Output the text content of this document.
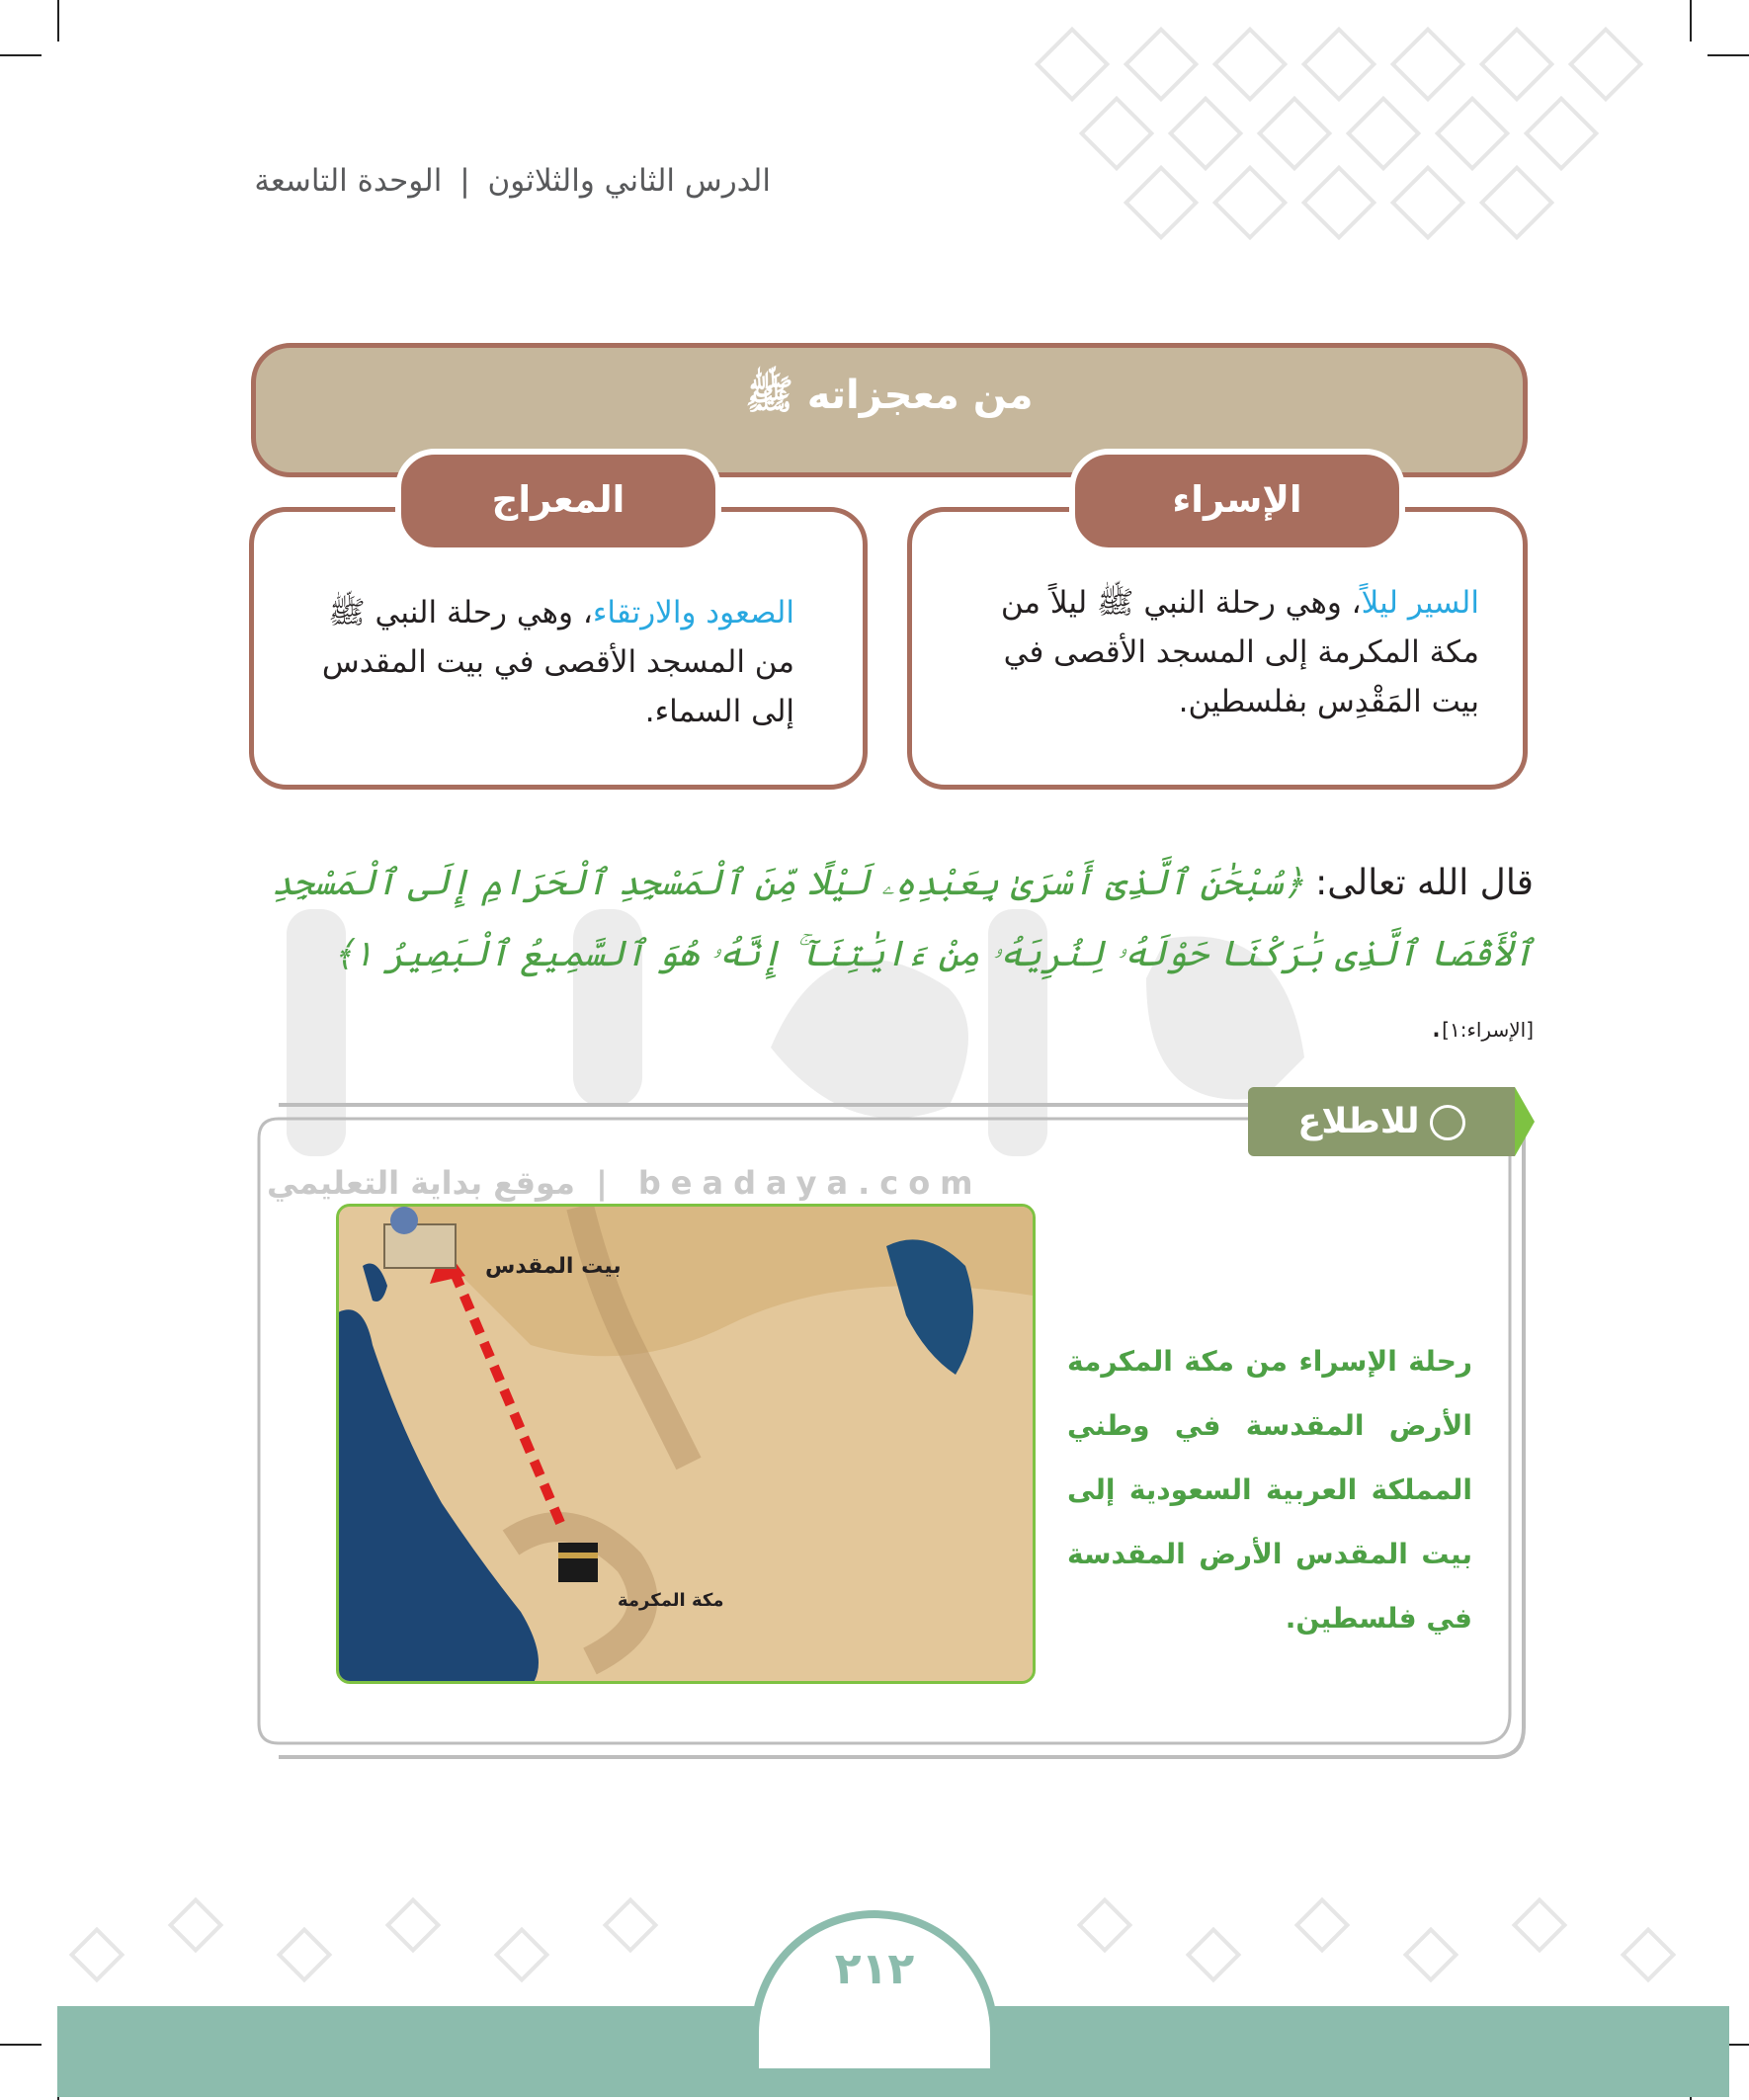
الدرس الثاني والثلاثون | الوحدة التاسعة
من معجزاته ﷺ
الإسراء
السير ليلاً، وهي رحلة النبي ﷺ ليلاً من مكة المكرمة إلى المسجد الأقصى في بيت المَقْدِس بفلسطين.
المعراج
الصعود والارتقاء، وهي رحلة النبي ﷺ من المسجد الأقصى في بيت المقدس إلى السماء.
قال الله تعالى: ﴿سُبْحَٰنَ ٱلَّذِىٓ أَسْرَىٰ بِعَبْدِهِۦ لَيْلًا مِّنَ ٱلْمَسْجِدِ ٱلْحَرَامِ إِلَى ٱلْمَسْجِدِ ٱلْأَقْصَا ٱلَّذِى بَٰرَكْنَا حَوْلَهُۥ لِنُرِيَهُۥ مِنْ ءَايَٰتِنَآ ۚ إِنَّهُۥ هُوَ ٱلسَّمِيعُ ٱلْبَصِيرُ ١﴾ [الإسراء:١].
للاطلاع
beadaya.com | موقع بداية التعليمي
بيت المقدس
مكة المكرمة
رحلة الإسراء من مكة المكرمة الأرض المقدسة في وطني المملكة العربية السعودية إلى بيت المقدس الأرض المقدسة في فلسطين.
٢١٢
